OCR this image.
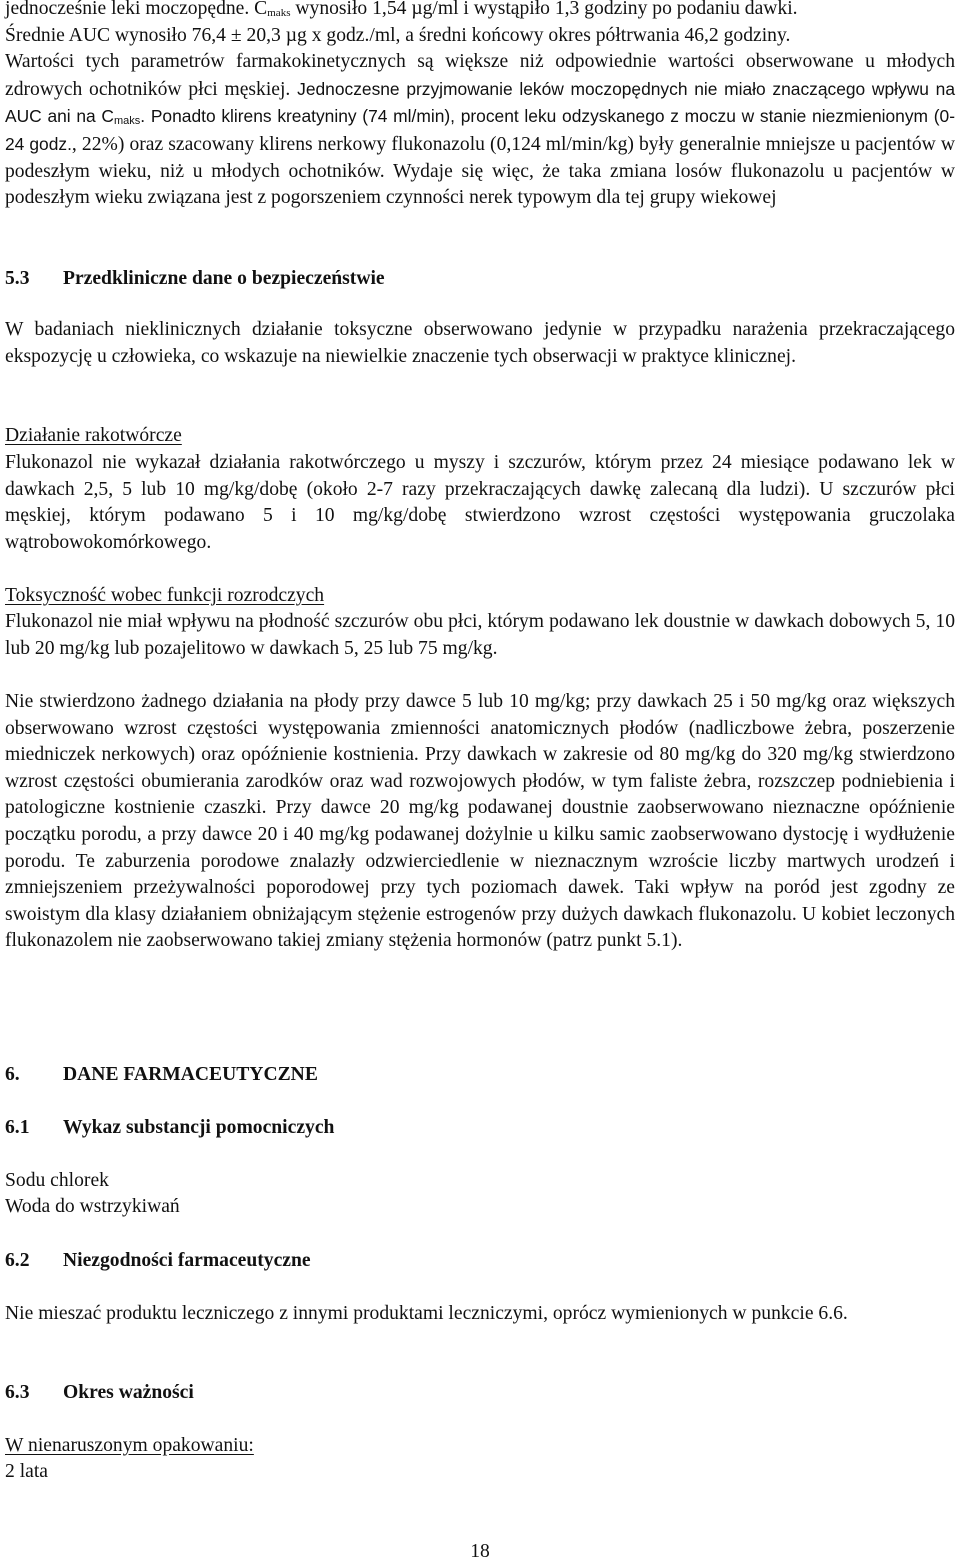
jednocześnie leki moczopędne. $C_{maks}$ wynosiło 1,54 µg/ml i wystąpiło 1,3 godziny po podaniu dawki.

Średnie AUC wynosiło 76,4 ± 20,3 µg x godz./ml, a średni końcowy okres półtrwania 46,2 godziny.

Wartości tych parametrów farmakokinetycznych są większe niż odpowiednie wartości obserwowane u młodych zdrowych ochotników płci męskiej. Jednoczesne przyjmowanie leków moczopędnych nie miało znaczącego wpływu na AUC ani na $C_{maks}$. Ponadto klirens kreatyniny (74 ml/min), procent leku odzyskanego z moczu w stanie niezmienionym (0-24 godz., 22%) oraz szacowany klirens nerkowy flukonazolu (0,124 ml/min/kg) były generalnie mniejsze u pacjentów w podeszłym wieku, niż u młodych ochotników. Wydaje się więc, że taka zmiana losów flukonazolu u pacjentów w podeszłym wieku związana jest z pogorszeniem czynności nerek typowym dla tej grupy wiekowej

5.3	Przedkliniczne dane o bezpieczeństwie

W badaniach nieklinicznych działanie toksyczne obserwowano jedynie w przypadku narażenia przekraczającego ekspozycję u człowieka, co wskazuje na niewielkie znaczenie tych obserwacji w praktyce klinicznej.

Działanie rakotwórcze

Flukonazol nie wykazał działania rakotwórczego u myszy i szczurów, którym przez 24 miesiące podawano lek w dawkach 2,5, 5 lub 10 mg/kg/dobę (około 2-7 razy przekraczających dawkę zalecaną dla ludzi). U szczurów płci męskiej, którym podawano 5 i 10 mg/kg/dobę stwierdzono wzrost częstości występowania gruczolaka wątrobowokomórkowego.

Toksyczność wobec funkcji rozrodczych

Flukonazol nie miał wpływu na płodność szczurów obu płci, którym podawano lek doustnie w dawkach dobowych 5, 10 lub 20 mg/kg lub pozajelitowo w dawkach 5, 25 lub 75 mg/kg.

Nie stwierdzono żadnego działania na płody przy dawce 5 lub 10 mg/kg; przy dawkach 25 i 50 mg/kg oraz większych obserwowano wzrost częstości występowania zmienności anatomicznych płodów (nadliczbowe żebra, poszerzenie miedniczek nerkowych) oraz opóźnienie kostnienia. Przy dawkach w zakresie od 80 mg/kg do 320 mg/kg stwierdzono wzrost częstości obumierania zarodków oraz wad rozwojowych płodów, w tym faliste żebra, rozszczep podniebienia i patologiczne kostnienie czaszki. Przy dawce 20 mg/kg podawanej doustnie zaobserwowano nieznaczne opóźnienie początku porodu, a przy dawce 20 i 40 mg/kg podawanej dożylnie u kilku samic zaobserwowano dystocję i wydłużenie porodu. Te zaburzenia porodowe znalazły odzwierciedlenie w nieznacznym wzroście liczby martwych urodzeń i zmniejszeniem przeżywalności poporodowej przy tych poziomach dawek. Taki wpływ na poród jest zgodny ze swoistym dla klasy działaniem obniżającym stężenie estrogenów przy dużych dawkach flukonazolu. U kobiet leczonych flukonazolem nie zaobserwowano takiej zmiany stężenia hormonów (patrz punkt 5.1).

6.	DANE FARMACEUTYCZNE
6.1	Wykaz substancji pomocniczych

Sodu chlorek

Woda do wstrzykiwań

6.2	Niezgodności farmaceutyczne

Nie mieszać produktu leczniczego z innymi produktami leczniczymi, oprócz wymienionych w punkcie 6.6.

6.3	Okres ważności

W nienaruszonym opakowaniu:

2 lata

18
